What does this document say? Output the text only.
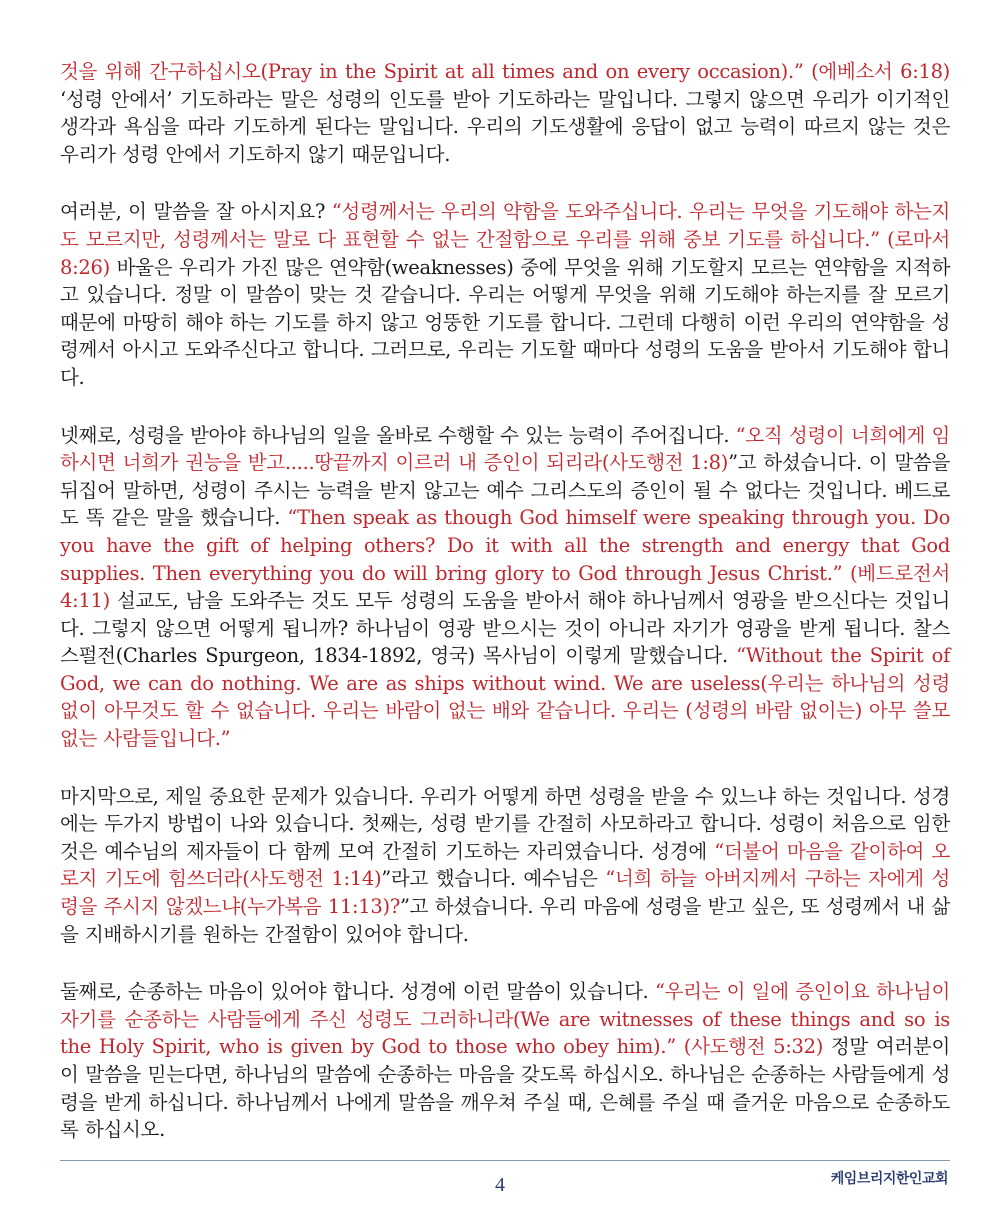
것을 위해 간구하십시오(Pray in the Spirit at all times and on every occasion).” (에베소서 6:18) ‘성령 안에서’ 기도하라는 말은 성령의 인도를 받아 기도하라는 말입니다. 그렇지 않으면 우리가 이기적인 생각과 욕심을 따라 기도하게 된다는 말입니다. 우리의 기도생활에 응답이 없고 능력이 따르지 않는 것은 우리가 성령 안에서 기도하지 않기 때문입니다.

여러분, 이 말씀을 잘 아시지요? “성령께서는 우리의 약함을 도와주십니다. 우리는 무엇을 기도해야 하는지도 모르지만, 성령께서는 말로 다 표현할 수 없는 간절함으로 우리를 위해 중보 기도를 하십니다.” (로마서 8:26) 바울은 우리가 가진 많은 연약함(weaknesses) 중에 무엇을 위해 기도할지 모르는 연약함을 지적하고 있습니다. 정말 이 말씀이 맞는 것 같습니다. 우리는 어떻게 무엇을 위해 기도해야 하는지를 잘 모르기 때문에 마땅히 해야 하는 기도를 하지 않고 엉뚱한 기도를 합니다. 그런데 다행히 이런 우리의 연약함을 성령께서 아시고 도와주신다고 합니다. 그러므로, 우리는 기도할 때마다 성령의 도움을 받아서 기도해야 합니다.

넷째로, 성령을 받아야 하나님의 일을 올바로 수행할 수 있는 능력이 주어집니다. “오직 성령이 너희에게 임하시면 너희가 권능을 받고.....땅끝까지 이르러 내 증인이 되리라(사도행전 1:8)”고 하셨습니다. 이 말씀을 뒤집어 말하면, 성령이 주시는 능력을 받지 않고는 예수 그리스도의 증인이 될 수 없다는 것입니다. 베드로도 똑 같은 말을 했습니다. “Then speak as though God himself were speaking through you. Do you have the gift of helping others? Do it with all the strength and energy that God supplies. Then everything you do will bring glory to God through Jesus Christ.” (베드로전서 4:11) 설교도, 남을 도와주는 것도 모두 성령의 도움을 받아서 해야 하나님께서 영광을 받으신다는 것입니다. 그렇지 않으면 어떻게 됩니까? 하나님이 영광 받으시는 것이 아니라 자기가 영광을 받게 됩니다. 찰스 스펄전(Charles Spurgeon, 1834-1892, 영국) 목사님이 이렇게 말했습니다. “Without the Spirit of God, we can do nothing. We are as ships without wind. We are useless(우리는 하나님의 성령 없이 아무것도 할 수 없습니다. 우리는 바람이 없는 배와 같습니다. 우리는 (성령의 바람 없이는) 아무 쓸모 없는 사람들입니다.”

마지막으로, 제일 중요한 문제가 있습니다. 우리가 어떻게 하면 성령을 받을 수 있느냐 하는 것입니다. 성경에는 두가지 방법이 나와 있습니다. 첫째는, 성령 받기를 간절히 사모하라고 합니다. 성령이 처음으로 임한 것은 예수님의 제자들이 다 함께 모여 간절히 기도하는 자리였습니다. 성경에 “더불어 마음을 같이하여 오로지 기도에 힘쓰더라(사도행전 1:14)”라고 했습니다. 예수님은 “너희 하늘 아버지께서 구하는 자에게 성령을 주시지 않겠느냐(누가복음 11:13)?”고 하셨습니다. 우리 마음에 성령을 받고 싶은, 또 성령께서 내 삶을 지배하시기를 원하는 간절함이 있어야 합니다.

둘째로, 순종하는 마음이 있어야 합니다. 성경에 이런 말씀이 있습니다. “우리는 이 일에 증인이요 하나님이 자기를 순종하는 사람들에게 주신 성령도 그러하니라(We are witnesses of these things and so is the Holy Spirit, who is given by God to those who obey him).” (사도행전 5:32) 정말 여러분이 이 말씀을 믿는다면, 하나님의 말씀에 순종하는 마음을 갖도록 하십시오. 하나님은 순종하는 사람들에게 성령을 받게 하십니다. 하나님께서 나에게 말씀을 깨우쳐 주실 때, 은혜를 주실 때 즐거운 마음으로 순종하도록 하십시오.

4	케임브리지한인교회
